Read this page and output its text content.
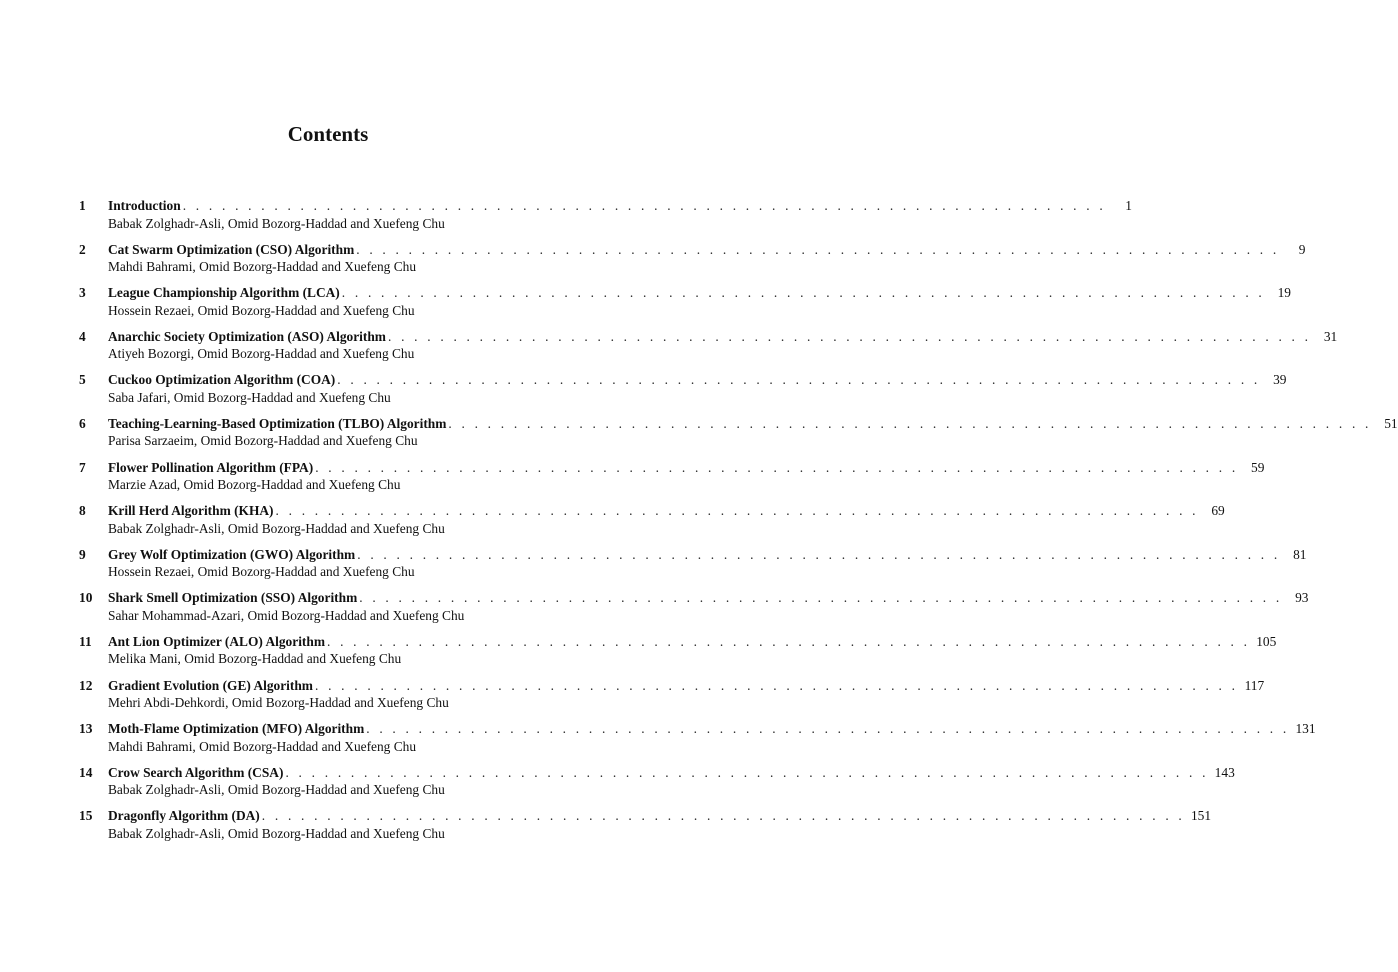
Contents
1	Introduction . . . . . . . . . . . . . . . . . . . . . . . . . . . . . . . . . . . . . . . . . . . . . . . . . . . . . . . . . . . . . . . . . . . . . . .	1
Babak Zolghadr-Asli, Omid Bozorg-Haddad and Xuefeng Chu
2	Cat Swarm Optimization (CSO) Algorithm . . . . . . . . . . . . . . . . . . . . . . . . . . . . . . . . . . . . . . . . . . . . . . . . . . . . . . . . . . . . . . . . . . . . . . .	9
Mahdi Bahrami, Omid Bozorg-Haddad and Xuefeng Chu
3	League Championship Algorithm (LCA) . . . . . . . . . . . . . . . . . . . . . . . . . . . . . . . . . . . . . . . . . . . . . . . . . . . . . . . . . . . . . . . . . . . . . . . 19
Hossein Rezaei, Omid Bozorg-Haddad and Xuefeng Chu
4	Anarchic Society Optimization (ASO) Algorithm . . . . . . . . . . . . . . . . . . . . . . . . . . . . . . . . . . . . . . . . . . . . . . . . . . . . . . . . . . . . . . . . . . . . . . . 31
Atiyeh Bozorgi, Omid Bozorg-Haddad and Xuefeng Chu
5	Cuckoo Optimization Algorithm (COA) . . . . . . . . . . . . . . . . . . . . . . . . . . . . . . . . . . . . . . . . . . . . . . . . . . . . . . . . . . . . . . . . . . . . . . . 39
Saba Jafari, Omid Bozorg-Haddad and Xuefeng Chu
6	Teaching-Learning-Based Optimization (TLBO) Algorithm . . . . . . . . . . . . . . . . . . . . . . . . . . . . . . . . . . . . . . . . . . . . . . . . . . . . . . . . . . . . . . . . . . . . . . . 51
Parisa Sarzaeim, Omid Bozorg-Haddad and Xuefeng Chu
7	Flower Pollination Algorithm (FPA) . . . . . . . . . . . . . . . . . . . . . . . . . . . . . . . . . . . . . . . . . . . . . . . . . . . . . . . . . . . . . . . . . . . . . . . 59
Marzie Azad, Omid Bozorg-Haddad and Xuefeng Chu
8	Krill Herd Algorithm (KHA) . . . . . . . . . . . . . . . . . . . . . . . . . . . . . . . . . . . . . . . . . . . . . . . . . . . . . . . . . . . . . . . . . . . . . . . 69
Babak Zolghadr-Asli, Omid Bozorg-Haddad and Xuefeng Chu
9	Grey Wolf Optimization (GWO) Algorithm . . . . . . . . . . . . . . . . . . . . . . . . . . . . . . . . . . . . . . . . . . . . . . . . . . . . . . . . . . . . . . . . . . . . . . . 81
Hossein Rezaei, Omid Bozorg-Haddad and Xuefeng Chu
10	Shark Smell Optimization (SSO) Algorithm . . . . . . . . . . . . . . . . . . . . . . . . . . . . . . . . . . . . . . . . . . . . . . . . . . . . . . . . . . . . . . . . . . . . . . . 93
Sahar Mohammad-Azari, Omid Bozorg-Haddad and Xuefeng Chu
11	Ant Lion Optimizer (ALO) Algorithm . . . . . . . . . . . . . . . . . . . . . . . . . . . . . . . . . . . . . . . . . . . . . . . . . . . . . . . . . . . . . . . . . . . . . . . 105
Melika Mani, Omid Bozorg-Haddad and Xuefeng Chu
12	Gradient Evolution (GE) Algorithm . . . . . . . . . . . . . . . . . . . . . . . . . . . . . . . . . . . . . . . . . . . . . . . . . . . . . . . . . . . . . . . . . . . . . . . 117
Mehri Abdi-Dehkordi, Omid Bozorg-Haddad and Xuefeng Chu
13	Moth-Flame Optimization (MFO) Algorithm . . . . . . . . . . . . . . . . . . . . . . . . . . . . . . . . . . . . . . . . . . . . . . . . . . . . . . . . . . . . . . . . . . . . . . . 131
Mahdi Bahrami, Omid Bozorg-Haddad and Xuefeng Chu
14	Crow Search Algorithm (CSA) . . . . . . . . . . . . . . . . . . . . . . . . . . . . . . . . . . . . . . . . . . . . . . . . . . . . . . . . . . . . . . . . . . . . . . . 143
Babak Zolghadr-Asli, Omid Bozorg-Haddad and Xuefeng Chu
15	Dragonfly Algorithm (DA) . . . . . . . . . . . . . . . . . . . . . . . . . . . . . . . . . . . . . . . . . . . . . . . . . . . . . . . . . . . . . . . . . . . . . . . 151
Babak Zolghadr-Asli, Omid Bozorg-Haddad and Xuefeng Chu
